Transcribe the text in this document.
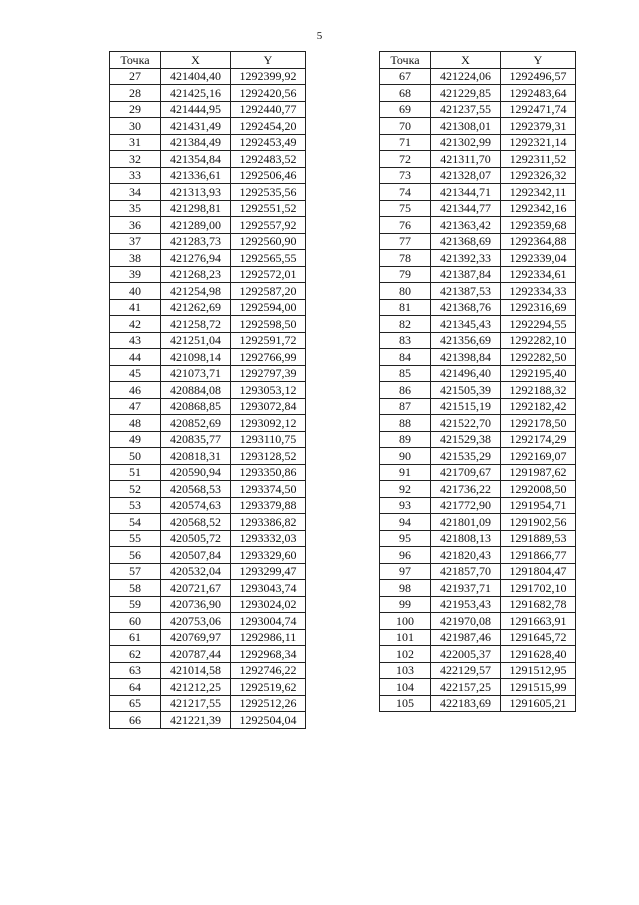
5
Точка	X	Y
27	421404,40	1292399,92
28	421425,16	1292420,56
29	421444,95	1292440,77
30	421431,49	1292454,20
31	421384,49	1292453,49
32	421354,84	1292483,52
33	421336,61	1292506,46
34	421313,93	1292535,56
35	421298,81	1292551,52
36	421289,00	1292557,92
37	421283,73	1292560,90
38	421276,94	1292565,55
39	421268,23	1292572,01
40	421254,98	1292587,20
41	421262,69	1292594,00
42	421258,72	1292598,50
43	421251,04	1292591,72
44	421098,14	1292766,99
45	421073,71	1292797,39
46	420884,08	1293053,12
47	420868,85	1293072,84
48	420852,69	1293092,12
49	420835,77	1293110,75
50	420818,31	1293128,52
51	420590,94	1293350,86
52	420568,53	1293374,50
53	420574,63	1293379,88
54	420568,52	1293386,82
55	420505,72	1293332,03
56	420507,84	1293329,60
57	420532,04	1293299,47
58	420721,67	1293043,74
59	420736,90	1293024,02
60	420753,06	1293004,74
61	420769,97	1292986,11
62	420787,44	1292968,34
63	421014,58	1292746,22
64	421212,25	1292519,62
65	421217,55	1292512,26
66	421221,39	1292504,04
Точка	X	Y
67	421224,06	1292496,57
68	421229,85	1292483,64
69	421237,55	1292471,74
70	421308,01	1292379,31
71	421302,99	1292321,14
72	421311,70	1292311,52
73	421328,07	1292326,32
74	421344,71	1292342,11
75	421344,77	1292342,16
76	421363,42	1292359,68
77	421368,69	1292364,88
78	421392,33	1292339,04
79	421387,84	1292334,61
80	421387,53	1292334,33
81	421368,76	1292316,69
82	421345,43	1292294,55
83	421356,69	1292282,10
84	421398,84	1292282,50
85	421496,40	1292195,40
86	421505,39	1292188,32
87	421515,19	1292182,42
88	421522,70	1292178,50
89	421529,38	1292174,29
90	421535,29	1292169,07
91	421709,67	1291987,62
92	421736,22	1292008,50
93	421772,90	1291954,71
94	421801,09	1291902,56
95	421808,13	1291889,53
96	421820,43	1291866,77
97	421857,70	1291804,47
98	421937,71	1291702,10
99	421953,43	1291682,78
100	421970,08	1291663,91
101	421987,46	1291645,72
102	422005,37	1291628,40
103	422129,57	1291512,95
104	422157,25	1291515,99
105	422183,69	1291605,21
